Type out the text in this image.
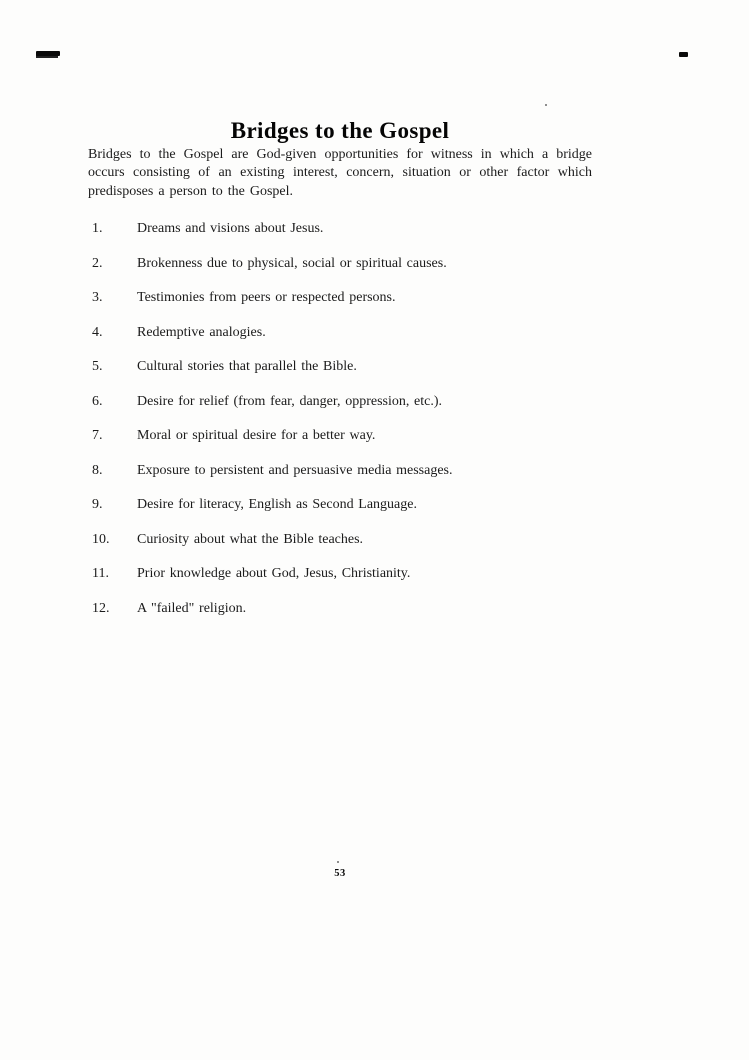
Bridges to the Gospel
Bridges to the Gospel are God-given opportunities for witness in which a bridge
occurs consisting of an existing interest, concern, situation or other factor which
predisposes a person to the Gospel.
1.	Dreams and visions about Jesus.
2.	Brokenness due to physical, social or spiritual causes.
3.	Testimonies from peers or respected persons.
4.	Redemptive analogies.
5.	Cultural stories that parallel the Bible.
6.	Desire for relief (from fear, danger, oppression, etc.).
7.	Moral or spiritual desire for a better way.
8.	Exposure to persistent and persuasive media messages.
9.	Desire for literacy, English as Second Language.
10.	Curiosity about what the Bible teaches.
11.	Prior knowledge about God, Jesus, Christianity.
12.	A "failed" religion.
53
